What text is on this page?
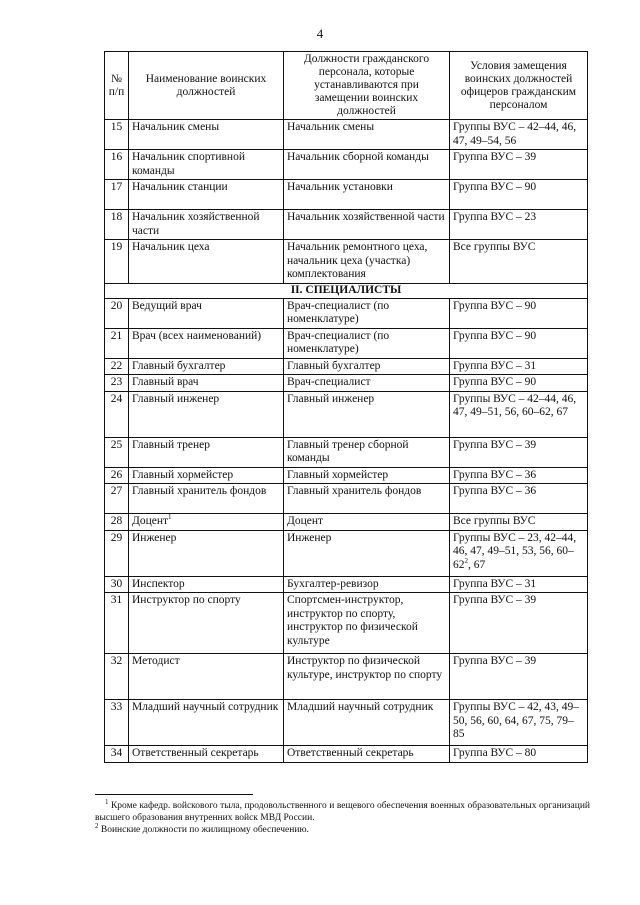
4
№ п/п	Наименование воинских должностей	Должности гражданского персонала, которые устанавливаются при замещении воинских должностей	Условия замещения воинских должностей офицеров гражданским персоналом
15	Начальник смены	Начальник смены	Группы ВУС – 42–44, 46, 47, 49–54, 56
16	Начальник спортивной команды	Начальник сборной команды	Группа ВУС – 39
17	Начальник станции	Начальник установки	Группа ВУС – 90
18	Начальник хозяйственной части	Начальник хозяйственной части	Группа ВУС – 23
19	Начальник цеха	Начальник ремонтного цеха, начальник цеха (участка) комплектования	Все группы ВУС
II. СПЕЦИАЛИСТЫ			
20	Ведущий врач	Врач-специалист (по номенклатуре)	Группа ВУС – 90
21	Врач (всех наименований)	Врач-специалист (по номенклатуре)	Группа ВУС – 90
22	Главный бухгалтер	Главный бухгалтер	Группа ВУС – 31
23	Главный врач	Врач-специалист	Группа ВУС – 90
24	Главный инженер	Главный инженер	Группы ВУС – 42–44, 46, 47, 49–51, 56, 60–62, 67
25	Главный тренер	Главный тренер сборной команды	Группа ВУС – 39
26	Главный хормейстер	Главный хормейстер	Группа ВУС – 36
27	Главный хранитель фондов	Главный хранитель фондов	Группа ВУС – 36
28	Доцент$^1$	Доцент	Все группы ВУС
29	Инженер	Инженер	Группы ВУС – 23, 42–44, 46, 47, 49–51, 53, 56, $60-62^2$, 67
30	Инспектор	Бухгалтер-ревизор	Группа ВУС – 31
31	Инструктор по спорту	Спортсмен-инструктор, инструктор по спорту, инструктор по физической культуре	Группа ВУС – 39
32	Методист	Инструктор по физической культуре, инструктор по спорту	Группа ВУС – 39
33	Младший научный сотрудник	Младший научный сотрудник	Группы ВУС – 42, 43, 49–50, 56, 60, 64, 67, 75, 79–85
34	Ответственный секретарь	Ответственный секретарь	Группа ВУС – 80

$^1$ Кроме кафедр. войскового тыла, продовольственного и вещевого обеспечения военных образовательных организаций высшего образования внутренних войск МВД России.

$^2$ Воинские должности по жилищному обеспечению.
